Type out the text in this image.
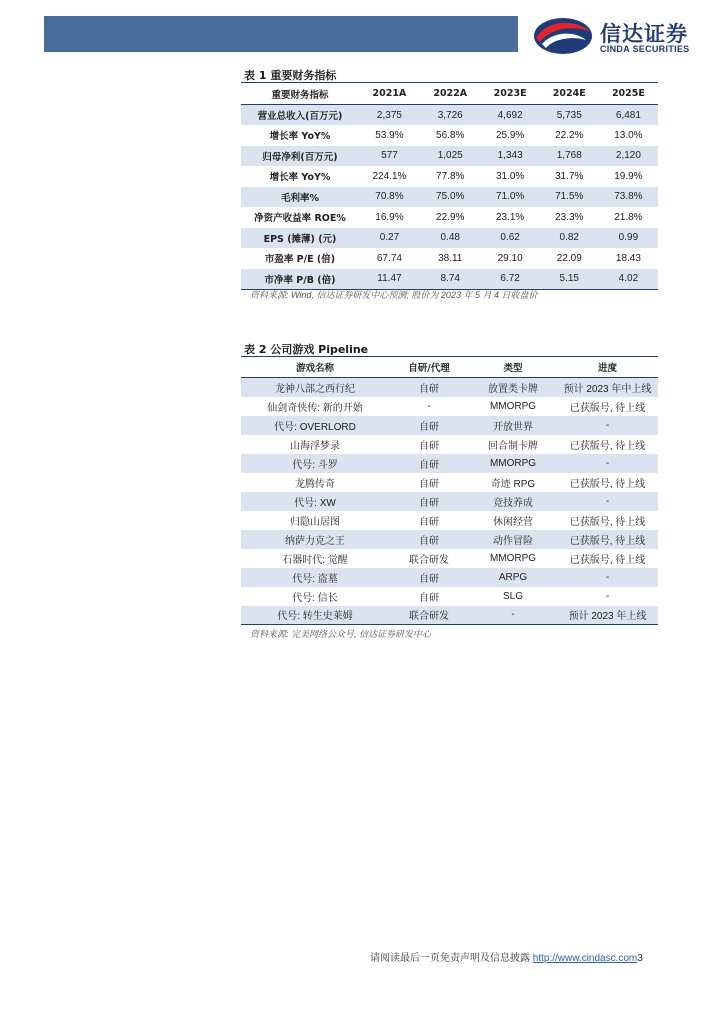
信达证券
CINDA SECURITIES
表 1 重要财务指标
重要财务指标	2021A	2022A	2023E	2024E	2025E
营业总收入(百万元)	2,375	3,726	4,692	5,735	6,481
增长率 YoY%	53.9%	56.8%	25.9%	22.2%	13.0%
归母净利(百万元)	577	1,025	1,343	1,768	2,120
增长率 YoY%	224.1%	77.8%	31.0%	31.7%	19.9%
毛利率%	70.8%	75.0%	71.0%	71.5%	73.8%
净资产收益率 ROE%	16.9%	22.9%	23.1%	23.3%	21.8%
EPS (摊薄) (元)	0.27	0.48	0.62	0.82	0.99
市盈率 P/E (倍)	67.74	38.11	29.10	22.09	18.43
市净率 P/B (倍)	11.47	8.74	6.72	5.15	4.02
资料来源: Wind, 信达证券研发中心预测; 股价为 2023 年 5 月 4 日收盘价
表 2 公司游戏 Pipeline
游戏名称	自研/代理	类型	进度
龙神八部之西行纪	自研	放置类卡牌	预计 2023 年中上线
仙剑奇侠传: 新的开始	-	MMORPG	已获版号, 待上线
代号: OVERLORD	自研	开放世界	-
山海浮梦录	自研	回合制卡牌	已获版号, 待上线
代号: 斗罗	自研	MMORPG	-
龙腾传奇	自研	奇迹 RPG	已获版号, 待上线
代号: XW	自研	竞技养成	-
归隐山居图	自研	休闲经营	已获版号, 待上线
纳萨力克之王	自研	动作冒险	已获版号, 待上线
石器时代: 觉醒	联合研发	MMORPG	已获版号, 待上线
代号: 盗墓	自研	ARPG	-
代号: 信长	自研	SLG	-
代号: 转生史莱姆	联合研发	-	预计 2023 年上线
资料来源: 完美网络公众号, 信达证券研发中心
请阅读最后一页免责声明及信息披露 http://www.cindasc.com3
